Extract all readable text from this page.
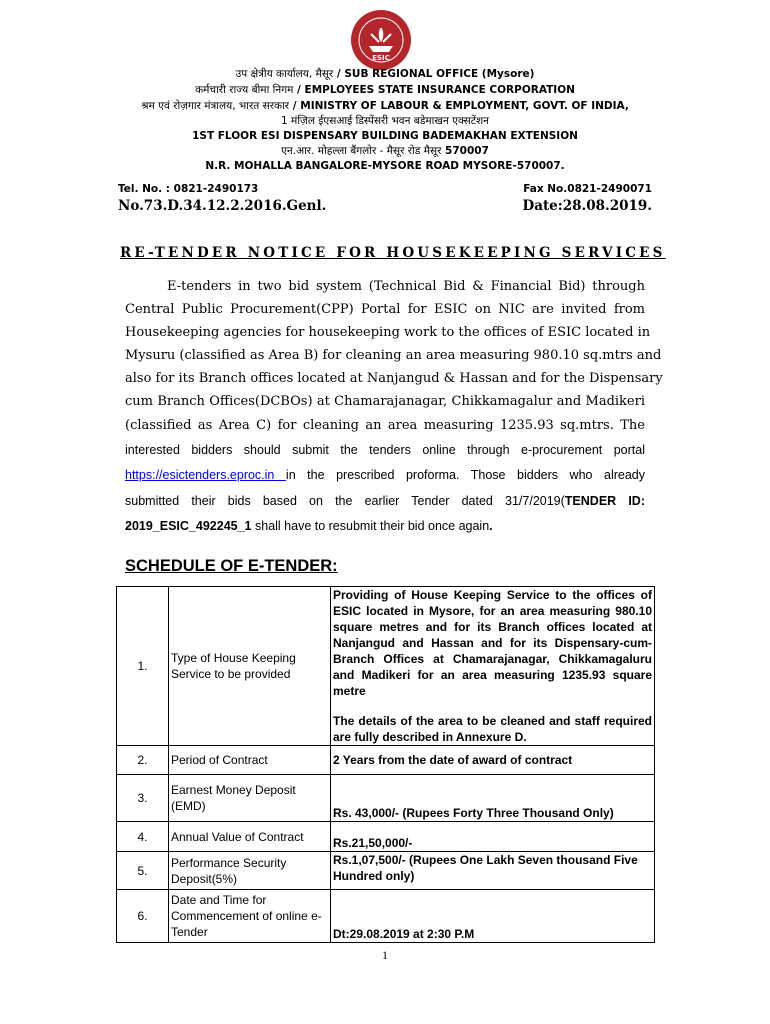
ESIC
उप क्षेत्रीय कार्यालय, मैसूर / SUB REGIONAL OFFICE (Mysore)
कर्मचारी राज्य बीमा निगम / EMPLOYEES STATE INSURANCE CORPORATION
श्रम एवं रोज़गार मंत्रालय, भारत सरकार / MINISTRY OF LABOUR & EMPLOYMENT, GOVT. OF INDIA,
1 मंज़िल ईएसआई डिस्पेंसरी भवन बडेमाखन एक्सटेंशन
1ST FLOOR ESI DISPENSARY BUILDING BADEMAKHAN EXTENSION
एन.आर. मोहल्ला बैंगलोर - मैसूर रोड मैसूर 570007
N.R. MOHALLA BANGALORE-MYSORE ROAD MYSORE-570007.
Tel. No. : 0821-2490173	Fax No.0821-2490071
No.73.D.34.12.2.2016.Genl.	Date:28.08.2019.
RE-TENDER NOTICE FOR HOUSEKEEPING SERVICES
E-tenders in two bid system (Technical Bid & Financial Bid) through
Central Public Procurement(CPP) Portal for ESIC on NIC are invited from
Housekeeping agencies for housekeeping work to the offices of ESIC located in
Mysuru (classified as Area B) for cleaning an area measuring 980.10 sq.mtrs and
also for its Branch offices located at Nanjangud & Hassan and for the Dispensary
cum Branch Offices(DCBOs) at Chamarajanagar, Chikkamagalur and Madikeri
(classified as Area C) for cleaning an area measuring 1235.93 sq.mtrs. The
interested bidders should submit the tenders online through e-procurement portal
https://esictenders.eproc.in in the prescribed proforma. Those bidders who already
submitted their bids based on the earlier Tender dated 31/7/2019(TENDER ID:
2019_ESIC_492245_1 shall have to resubmit their bid once again.
SCHEDULE OF E-TENDER:
1.	Type of House Keeping Service to be provided	Providing of House Keeping Service to the offices of ESIC located in Mysore, for an area measuring 980.10 square metres and for its Branch offices located at Nanjangud and Hassan and for its Dispensary-cum-Branch Offices at Chamarajanagar, Chikkamagaluru and Madikeri for an area measuring 1235.93 square metre
The details of the area to be cleaned and staff required are fully described in Annexure D.

2.	Period of Contract	2 Years from the date of award of contract
3.	Earnest Money Deposit (EMD)	Rs. 43,000/- (Rupees Forty Three Thousand Only)
4.	Annual Value of Contract	Rs.21,50,000/-
5.	Performance Security Deposit(5%)	Rs.1,07,500/- (Rupees One Lakh Seven thousand Five Hundred only)
6.	Date and Time for Commencement of online e-Tender	Dt:29.08.2019 at 2:30 P.M
1
